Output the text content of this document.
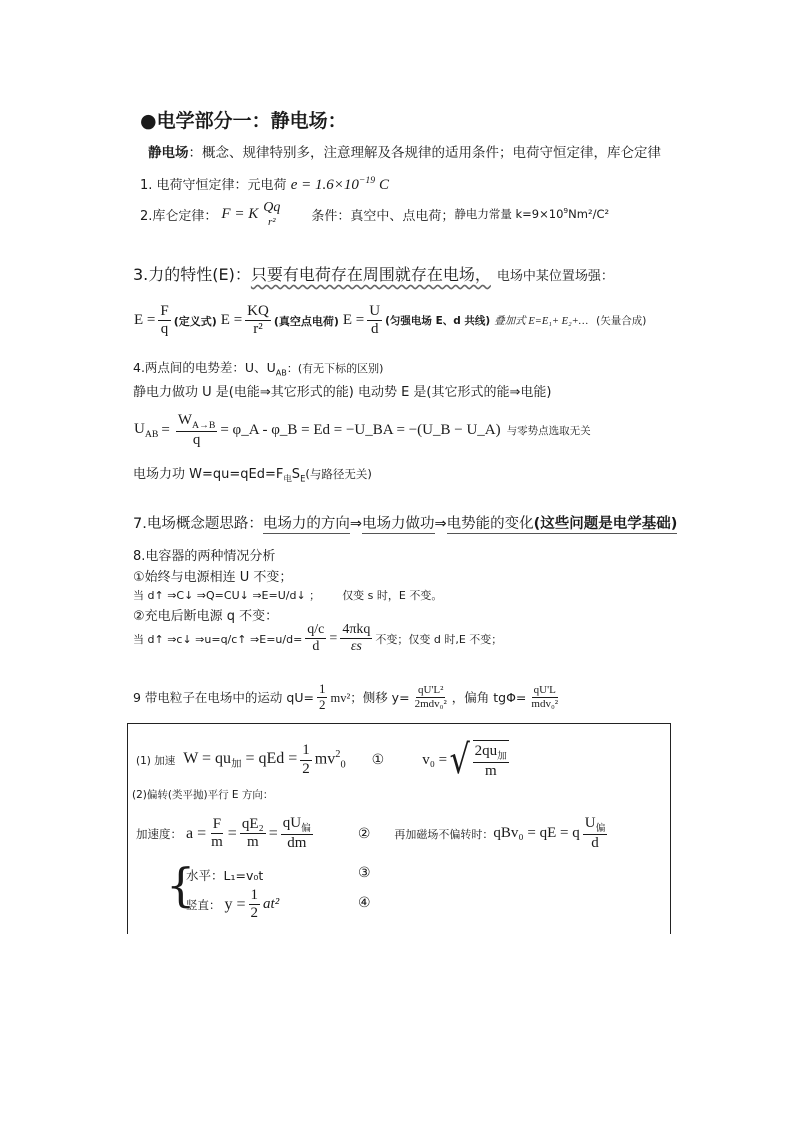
●电学部分一：静电场：
静电场：概念、规律特别多，注意理解及各规律的适用条件；电荷守恒定律，库仑定律
1. 电荷守恒定律：元电荷 $e = 1.6\times 10^{-19}$ C
2.库仑定律： F = K Qq
r²	条件：真空中、点电荷； 静电力常量 $k=9\times 10^9Nm^2/C^2$
3.力的特性(E)：只要有电荷存在周围就存在电场， 电场中某位置场强：
$E = \frac{F}{q}$ (定义式) $E = \frac{KQ}{\text{r²}}$ (真空点电荷) $E = \frac{U}{d}$ (匀强电场 E、d 共线) 叠加式 E=E₁+ E₂+… (矢量合成)
4.两点间的电势差：U、$U_{AB}$：(有无下标的区别)
静电力做功 U 是(电能⇒其它形式的能) 电动势 E 是(其它形式的能⇒电能)
$U_{AB} = \frac{W_{A\to B}}{q}$ = φ_A - φ_B = Ed = −U_BA = −(U_B − U_A) 与零势点选取无关
电场力功 $W=qu=qEd=F_电S_E$(与路径无关)
7.电场概念题思路：电场力的方向⇒电场力做功⇒电势能的变化(这些问题是电学基础)
8.电容器的两种情况分析
①始终与电源相连 U 不变；
当 d↑ ⇒C↓ ⇒Q=CU↓ ⇒E=U/d↓ ； 仅变 s 时，E 不变。
②充电后断电源 q 不变：
当 d↑ ⇒c↓ ⇒u=q/c↑ ⇒E=u/d= $\frac{q/c}{d} = \frac{\text{4πkq}}{\varepsilon s}$ 不变；仅变 d 时,E 不变；
9 带电粒子在电场中的运动 $qU= \frac{1}{2} mv^2$； 侧移 $y= \frac{\text{qU'L²}}{\text{2mdv₀²}}$ ，偏角 $tg\Phi= \frac{qU'L}{\text{mdv₀²}}$
(1) 加速 $W = qu_加$ = qEd = $\frac{1}{2} mv^2_0$ ①	v₀ = √ $\frac{2qu_加}{m}$
(2)偏转(类平抛)平行 E 方向：
加速度： $a = \frac{F}{m} = \frac{\text{qE₂}}{m} = \frac{qU_偏}{dm}$	② 再加磁场不偏转时： qBv₀ = qE = q $\frac{U_偏}{d}$
{
水平：L₁=v₀t	③
竖直： $y = \frac{1}{2} at^2$	④
